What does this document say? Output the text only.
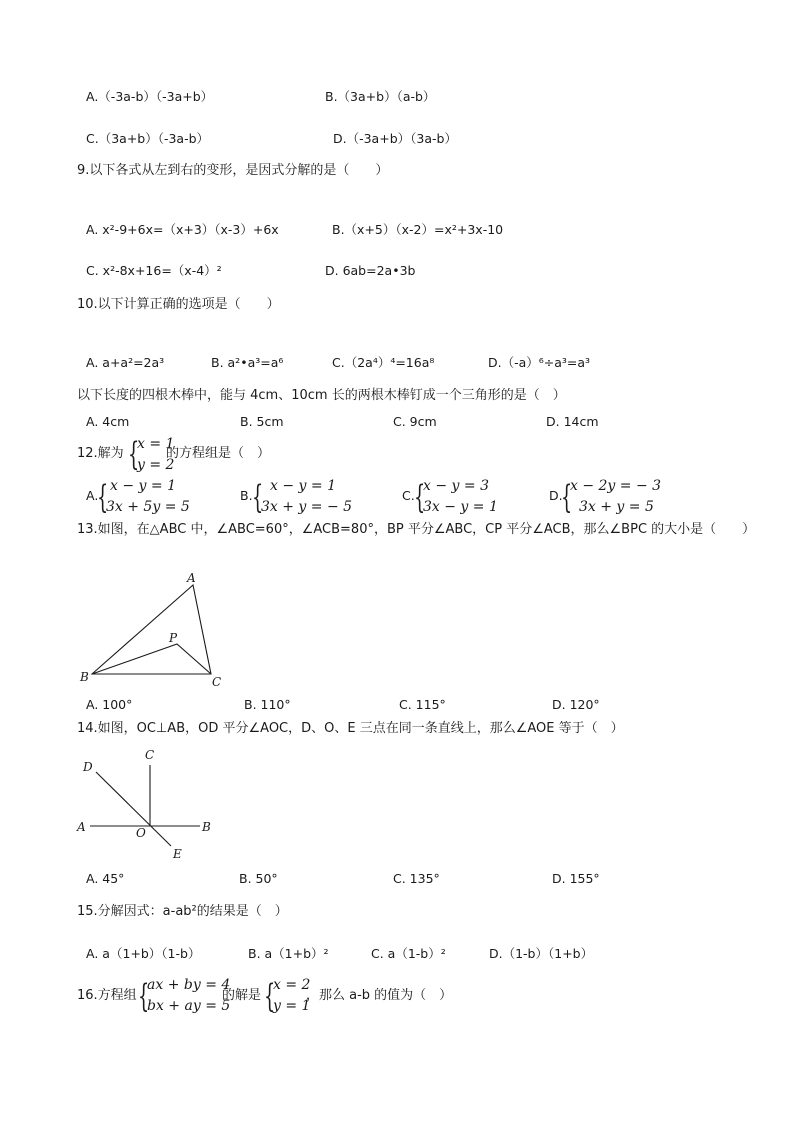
A.（-3a-b）（-3a+b）	B.（3a+b）（a-b）
C.（3a+b）（-3a-b）	D.（-3a+b）（3a-b）
9.以下各式从左到右的变形，是因式分解的是（　　）
A. x²-9+6x=（x+3）（x-3）+6x	B.（x+5）（x-2）=x²+3x-10
C. x²-8x+16=（x-4）²	D. 6ab=2a•3b
10.以下计算正确的选项是（　　）
A. a+a²=2a³	B. a²•a³=a⁶	C.（2a⁴）⁴=16a⁸	D.（-a）⁶÷a³=a³
以下长度的四根木棒中，能与 4cm、10cm 长的两根木棒钉成一个三角形的是（　）
A. 4cm	B. 5cm	C. 9cm	D. 14cm
12.解为 {
x = 1
y = 2
的方程组是（　）
A.
{ x − y = 1
3x + 5y = 5
B. { x − y = 1
3x + y = − 5
C. {
x − y = 3
3x − y = 1
D.
{
x − 2y = − 3
3x + y = 5
13.如图，在△ABC 中，∠ABC=60°，∠ACB=80°，BP 平分∠ABC，CP 平分∠ACB，那么∠BPC 的大小是（　　）
A
B	C
P
A. 100°	B. 110°	C. 115°	D. 120°
14.如图，OC⊥AB，OD 平分∠AOC，D、O、E 三点在同一条直线上，那么∠AOE 等于（　）
A	B
C
D
E
O
A. 45°	B. 50°	C. 135°	D. 155°
15.分解因式：a-ab²的结果是（　）
A. a（1+b）（1-b）	B. a（1+b）²	C. a（1-b）²	D.（1-b）（1+b）
16.方程组 {
ax + by = 4
bx + ay = 5
的解是 {
x = 2
y = 1
，那么 a-b 的值为（　）
